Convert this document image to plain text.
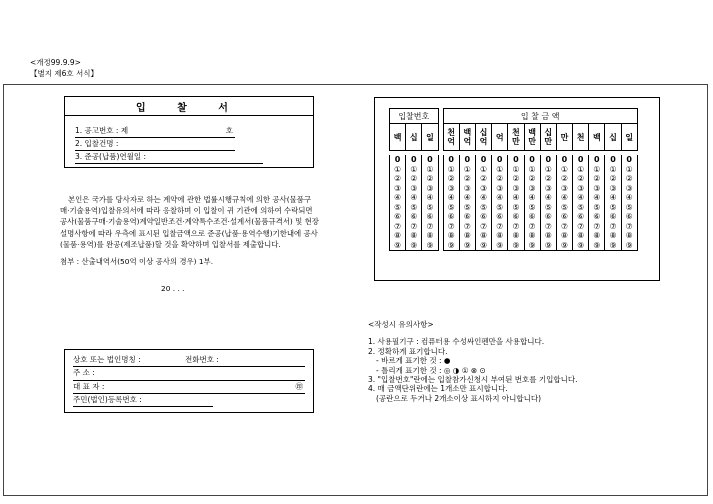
<개정99.9.9>
【별지 제6호 서식】
입 찰 서
1. 공고번호 : 제	호
2. 입찰건명 :
3. 준공(납품)연월일 :
본인은 국가를 당사자로 하는 계약에 관한 법률시행규칙에 의한 공사(물품구
매·기술용역)입찰유의서에 따라 응찰하며 이 입찰이 귀 기관에 의하여 수락되면
공사(물품구매·기술용역)계약일반조건·계약특수조건·설계서(물품규격서) 및 현장
설명사항에 따라 우측에 표시된 입찰금액으로 준공(납품·용역수행)기한내에 공사
(물품·용역)를 완공(제조납품)할 것을 확약하며 입찰서를 제출합니다.
첨부 : 산출내역서(50억 이상 공사의 경우) 1부.
20 . . .
상호 또는 법인명칭 :	전화번호 :
주 소 :
대 표 자 :	㊞
주민(법인)등록번호 :
입찰번호				입 찰 금 액											
백	십	일		천억	백억	십억	억	천만	백만	십만	만	천	백	십	일

0	0	0		0	0	0	0	0	0	0	0	0	0	0	0
①	①	①		①	①	①	①	①	①	①	①	①	①	①	①
②	②	②		②	②	②	②	②	②	②	②	②	②	②	②
③	③	③		③	③	③	③	③	③	③	③	③	③	③	③
④	④	④		④	④	④	④	④	④	④	④	④	④	④	④
⑤	⑤	⑤		⑤	⑤	⑤	⑤	⑤	⑤	⑤	⑤	⑤	⑤	⑤	⑤
⑥	⑥	⑥		⑥	⑥	⑥	⑥	⑥	⑥	⑥	⑥	⑥	⑥	⑥	⑥
⑦	⑦	⑦		⑦	⑦	⑦	⑦	⑦	⑦	⑦	⑦	⑦	⑦	⑦	⑦
⑧	⑧	⑧		⑧	⑧	⑧	⑧	⑧	⑧	⑧	⑧	⑧	⑧	⑧	⑧
⑨	⑨	⑨		⑨	⑨	⑨	⑨	⑨	⑨	⑨	⑨	⑨	⑨	⑨	⑨
<작성시 유의사항>
1. 사용필기구 : 컴퓨터용 수성싸인펜만을 사용합니다.
2. 정확하게 표기합니다.
- 바르게 표기한 것 : ●
- 틀리게 표기한 것 : ◎ ◑ ① ⊗ ⊙
3. "입찰번호"란에는 입찰참가신청시 부여된 번호를 기입합니다.
4. 매 금액단위란에는 1개소만 표시합니다.
(공란으로 두거나 2개소이상 표시하지 아니합니다)
